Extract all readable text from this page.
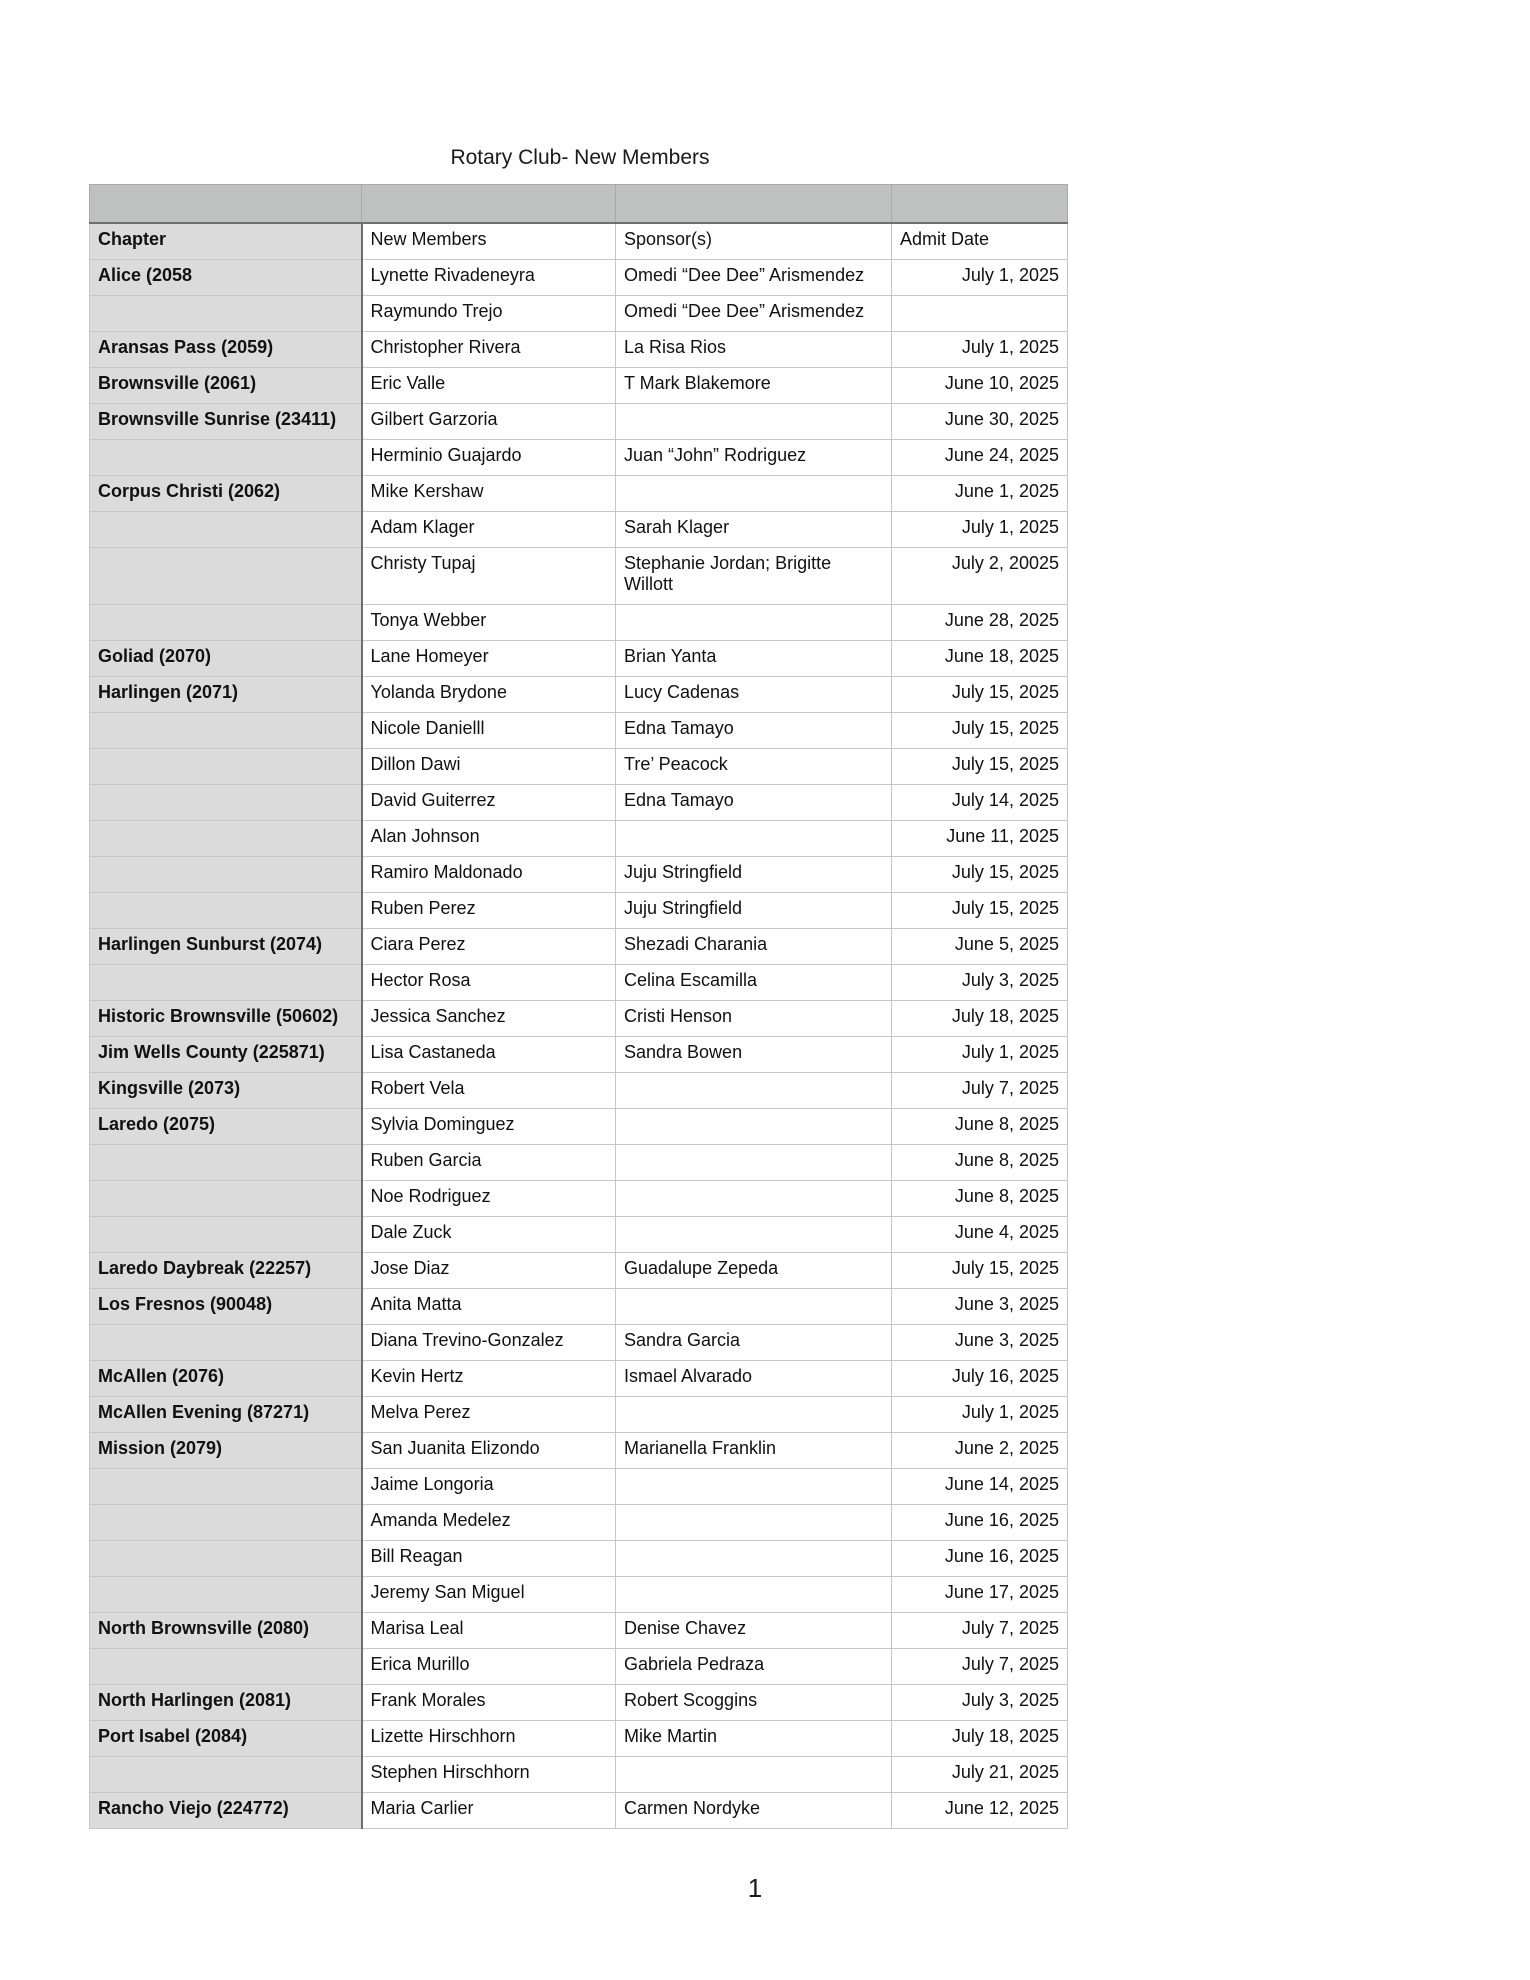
Rotary Club- New Members

Chapter	New Members	Sponsor(s)	Admit Date
Alice (2058	Lynette Rivadeneyra	Omedi “Dee Dee” Arismendez	July 1, 2025
	Raymundo Trejo	Omedi “Dee Dee” Arismendez	
Aransas Pass (2059)	Christopher Rivera	La Risa Rios	July 1, 2025
Brownsville (2061)	Eric Valle	T Mark Blakemore	June 10, 2025
Brownsville Sunrise (23411)	Gilbert Garzoria		June 30, 2025
	Herminio Guajardo	Juan “John” Rodriguez	June 24, 2025
Corpus Christi (2062)	Mike Kershaw		June 1, 2025
	Adam Klager	Sarah Klager	July 1, 2025
	Christy Tupaj	Stephanie Jordan; Brigitte Willott	July 2, 20025
	Tonya Webber		June 28, 2025
Goliad (2070)	Lane Homeyer	Brian Yanta	June 18, 2025
Harlingen (2071)	Yolanda Brydone	Lucy Cadenas	July 15, 2025
	Nicole Danielll	Edna Tamayo	July 15, 2025
	Dillon Dawi	Tre’ Peacock	July 15, 2025
	David Guiterrez	Edna Tamayo	July 14, 2025
	Alan Johnson		June 11, 2025
	Ramiro Maldonado	Juju Stringfield	July 15, 2025
	Ruben Perez	Juju Stringfield	July 15, 2025
Harlingen Sunburst (2074)	Ciara Perez	Shezadi Charania	June 5, 2025
	Hector Rosa	Celina Escamilla	July 3, 2025
Historic Brownsville (50602)	Jessica Sanchez	Cristi Henson	July 18, 2025
Jim Wells County (225871)	Lisa Castaneda	Sandra Bowen	July 1, 2025
Kingsville (2073)	Robert Vela		July 7, 2025
Laredo (2075)	Sylvia Dominguez		June 8, 2025
	Ruben Garcia		June 8, 2025
	Noe Rodriguez		June 8, 2025
	Dale Zuck		June 4, 2025
Laredo Daybreak (22257)	Jose Diaz	Guadalupe Zepeda	July 15, 2025
Los Fresnos (90048)	Anita Matta		June 3, 2025
	Diana Trevino-Gonzalez	Sandra Garcia	June 3, 2025
McAllen (2076)	Kevin Hertz	Ismael Alvarado	July 16, 2025
McAllen Evening (87271)	Melva Perez		July 1, 2025
Mission (2079)	San Juanita Elizondo	Marianella Franklin	June 2, 2025
	Jaime Longoria		June 14, 2025
	Amanda Medelez		June 16, 2025
	Bill Reagan		June 16, 2025
	Jeremy San Miguel		June 17, 2025
North Brownsville (2080)	Marisa Leal	Denise Chavez	July 7, 2025
	Erica Murillo	Gabriela Pedraza	July 7, 2025
North Harlingen (2081)	Frank Morales	Robert Scoggins	July 3, 2025
Port Isabel (2084)	Lizette Hirschhorn	Mike Martin	July 18, 2025
	Stephen Hirschhorn		July 21, 2025
Rancho Viejo (224772)	Maria Carlier	Carmen Nordyke	June 12, 2025
1
